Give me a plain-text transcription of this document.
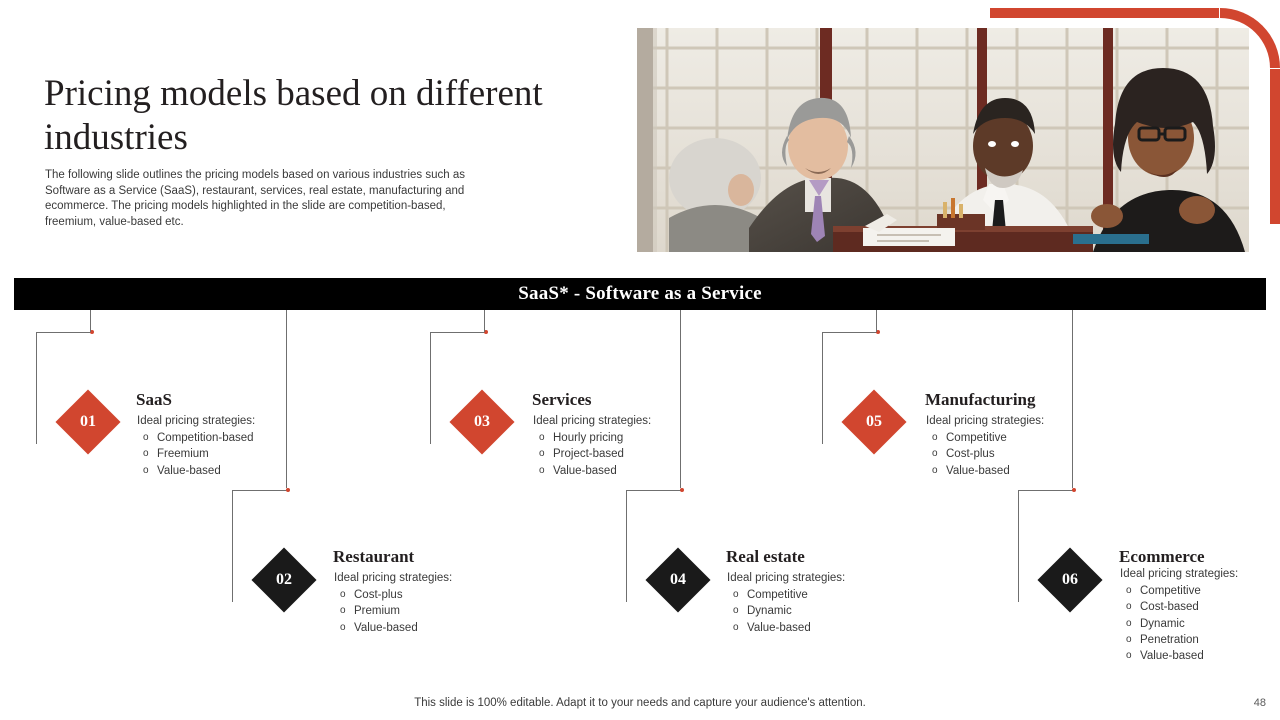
Pricing models based on different industries
The following slide outlines the pricing models based on various industries such as Software as a Service (SaaS), restaurant, services, real estate, manufacturing and ecommerce. The pricing models highlighted in the slide are competition-based, freemium, value-based etc.
SaaS* - Software as a Service
01
SaaS
Ideal pricing strategies:
o Competition-based
o Freemium
o Value-based
02
Restaurant
Ideal pricing strategies:
o Cost-plus
o Premium
o Value-based
03
Services
Ideal pricing strategies:
o Hourly pricing
o Project-based
o Value-based
04
Real estate
Ideal pricing strategies:
o Competitive
o Dynamic
o Value-based
05
Manufacturing
Ideal pricing strategies:
o Competitive
o Cost-plus
o Value-based
06
Ecommerce
Ideal pricing strategies:
o Competitive
o Cost-based
o Dynamic
o Penetration
o Value-based
This slide is 100% editable. Adapt it to your needs and capture your audience's attention.	48
